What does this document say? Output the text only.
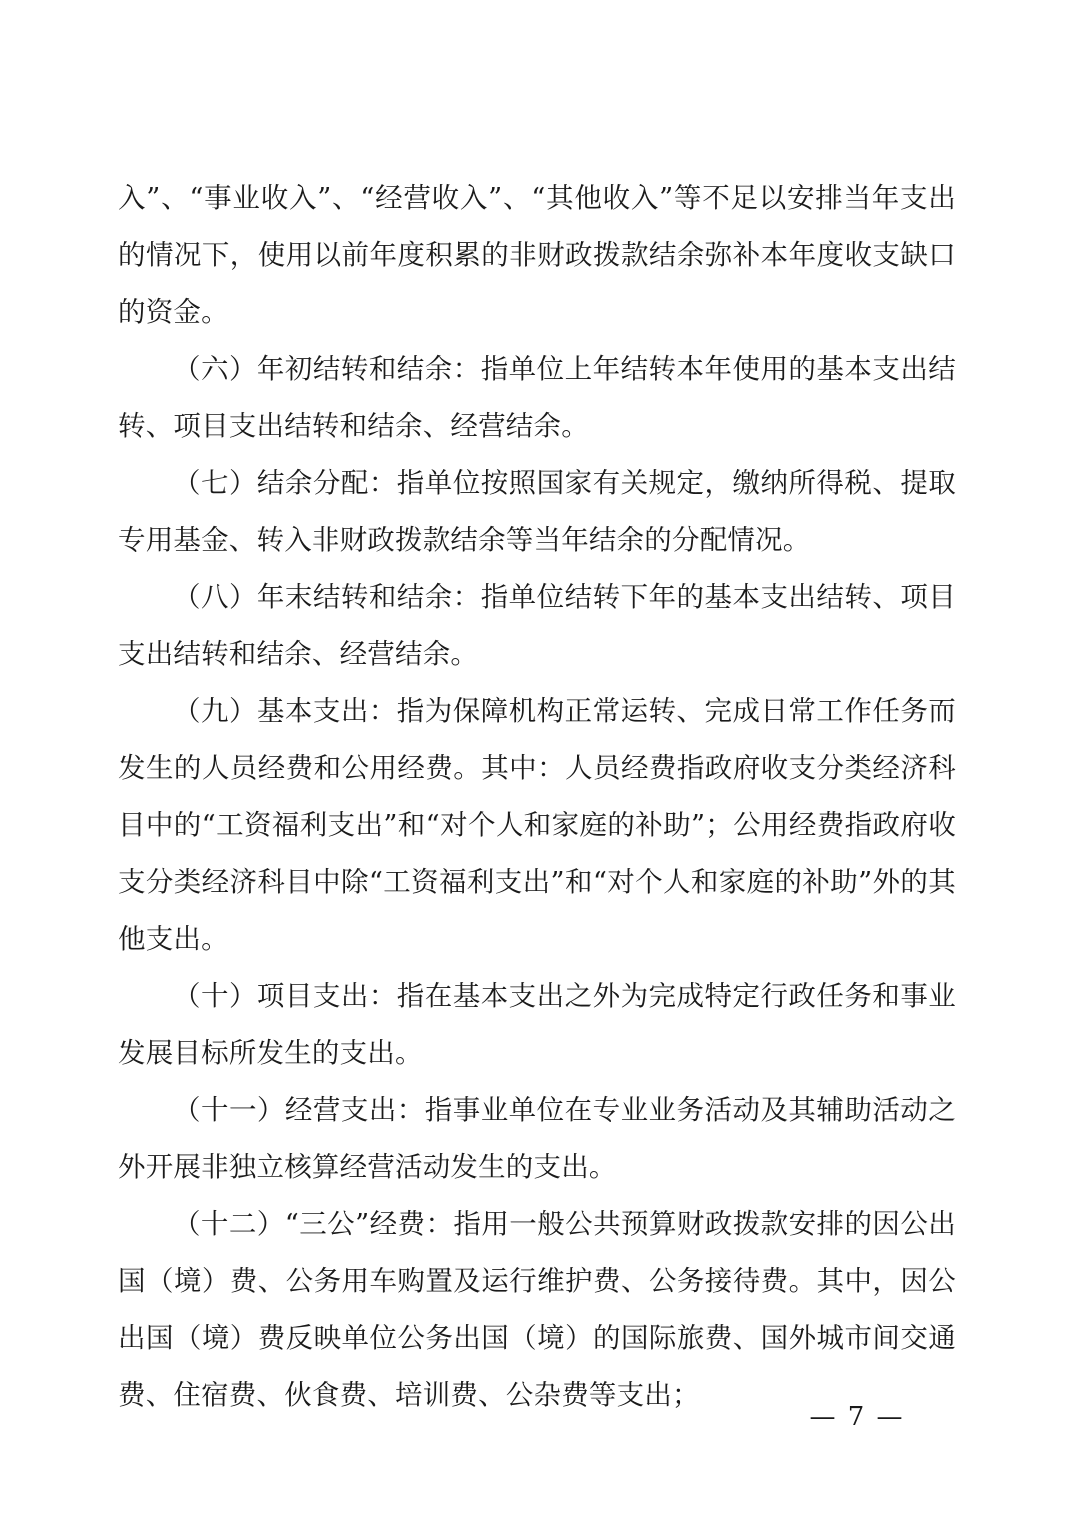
入”、“事业收入”、“经营收入”、“其他收入”等不足以安排当年支出的情况下，使用以前年度积累的非财政拨款结余弥补本年度收支缺口的资金。

（六）年初结转和结余：指单位上年结转本年使用的基本支出结转、项目支出结转和结余、经营结余。

（七）结余分配：指单位按照国家有关规定，缴纳所得税、提取专用基金、转入非财政拨款结余等当年结余的分配情况。

（八）年末结转和结余：指单位结转下年的基本支出结转、项目支出结转和结余、经营结余。

（九）基本支出：指为保障机构正常运转、完成日常工作任务而发生的人员经费和公用经费。其中：人员经费指政府收支分类经济科目中的“工资福利支出”和“对个人和家庭的补助”；公用经费指政府收支分类经济科目中除“工资福利支出”和“对个人和家庭的补助”外的其他支出。

（十）项目支出：指在基本支出之外为完成特定行政任务和事业发展目标所发生的支出。

（十一）经营支出：指事业单位在专业业务活动及其辅助活动之外开展非独立核算经营活动发生的支出。

（十二）“三公”经费：指用一般公共预算财政拨款安排的因公出国（境）费、公务用车购置及运行维护费、公务接待费。其中，因公出国（境）费反映单位公务出国（境）的国际旅费、国外城市间交通费、住宿费、伙食费、培训费、公杂费等支出；

— 7 —
